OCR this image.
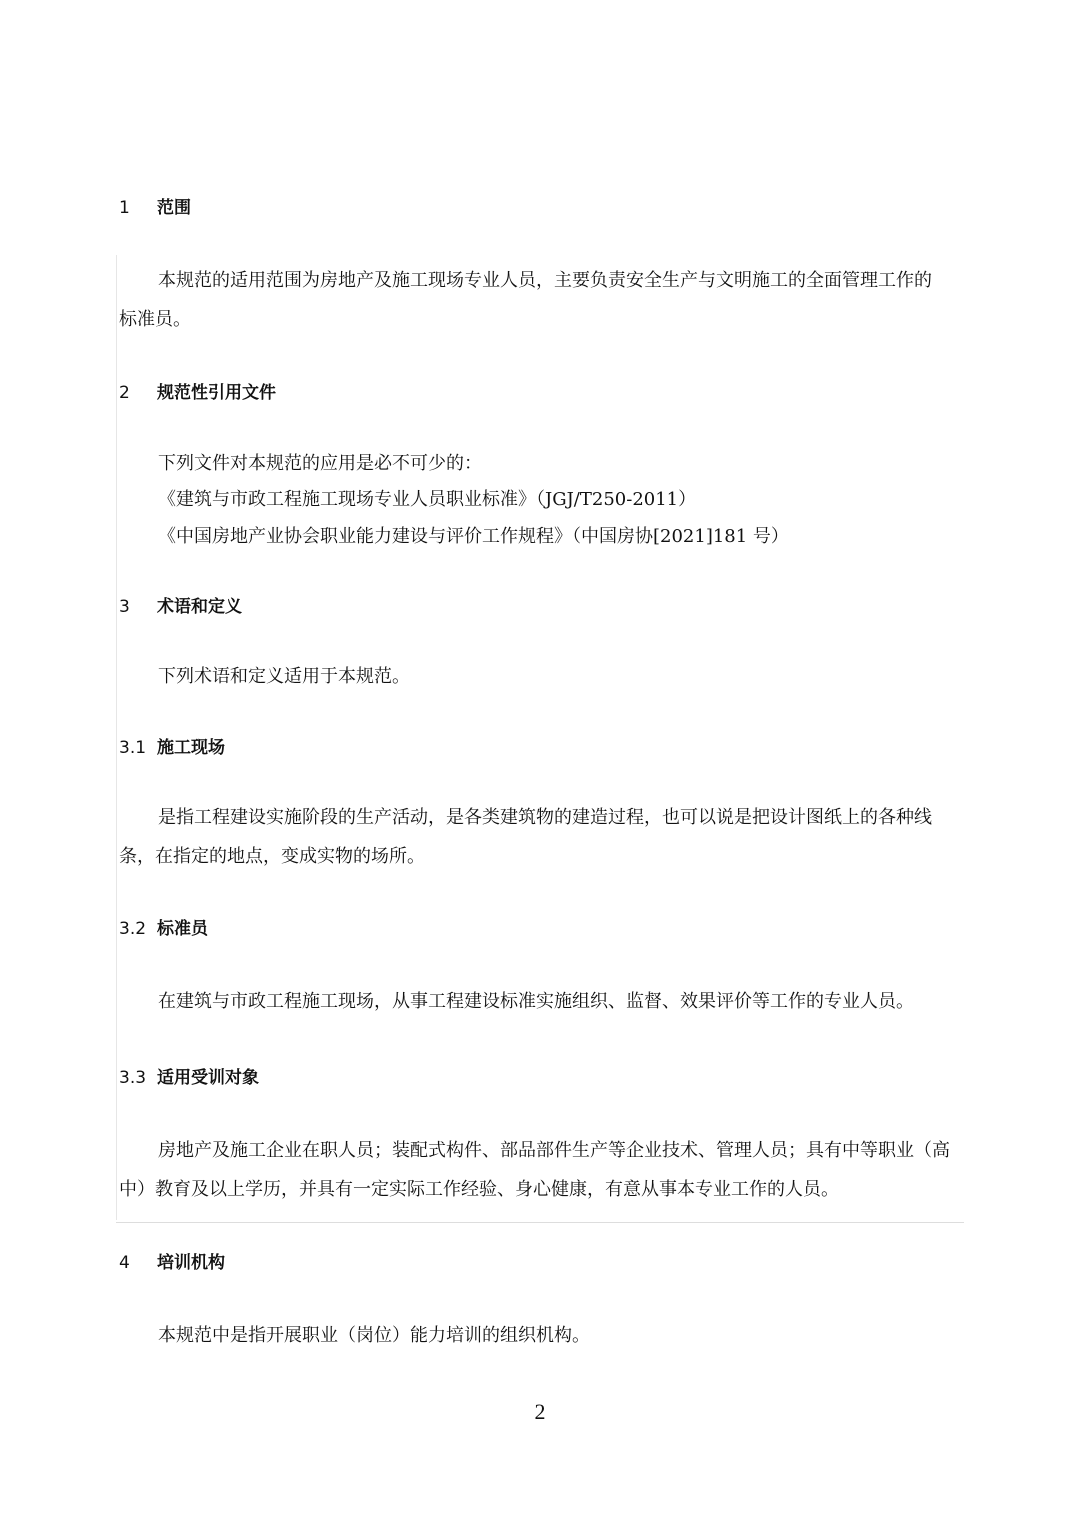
1 范围
本规范的适用范围为房地产及施工现场专业人员，主要负责安全生产与文明施工的全面管理工作的
标准员。
2 规范性引用文件
下列文件对本规范的应用是必不可少的：
《建筑与市政工程施工现场专业人员职业标准》（JGJ/T250-2011）
《中国房地产业协会职业能力建设与评价工作规程》（中国房协[2021]181 号）
3 术语和定义
下列术语和定义适用于本规范。
3.1 施工现场
是指工程建设实施阶段的生产活动，是各类建筑物的建造过程，也可以说是把设计图纸上的各种线
条，在指定的地点，变成实物的场所。
3.2 标准员
在建筑与市政工程施工现场，从事工程建设标准实施组织、监督、效果评价等工作的专业人员。
3.3 适用受训对象
房地产及施工企业在职人员；装配式构件、部品部件生产等企业技术、管理人员；具有中等职业（高
中）教育及以上学历，并具有一定实际工作经验、身心健康，有意从事本专业工作的人员。
4 培训机构
本规范中是指开展职业（岗位）能力培训的组织机构。
2
